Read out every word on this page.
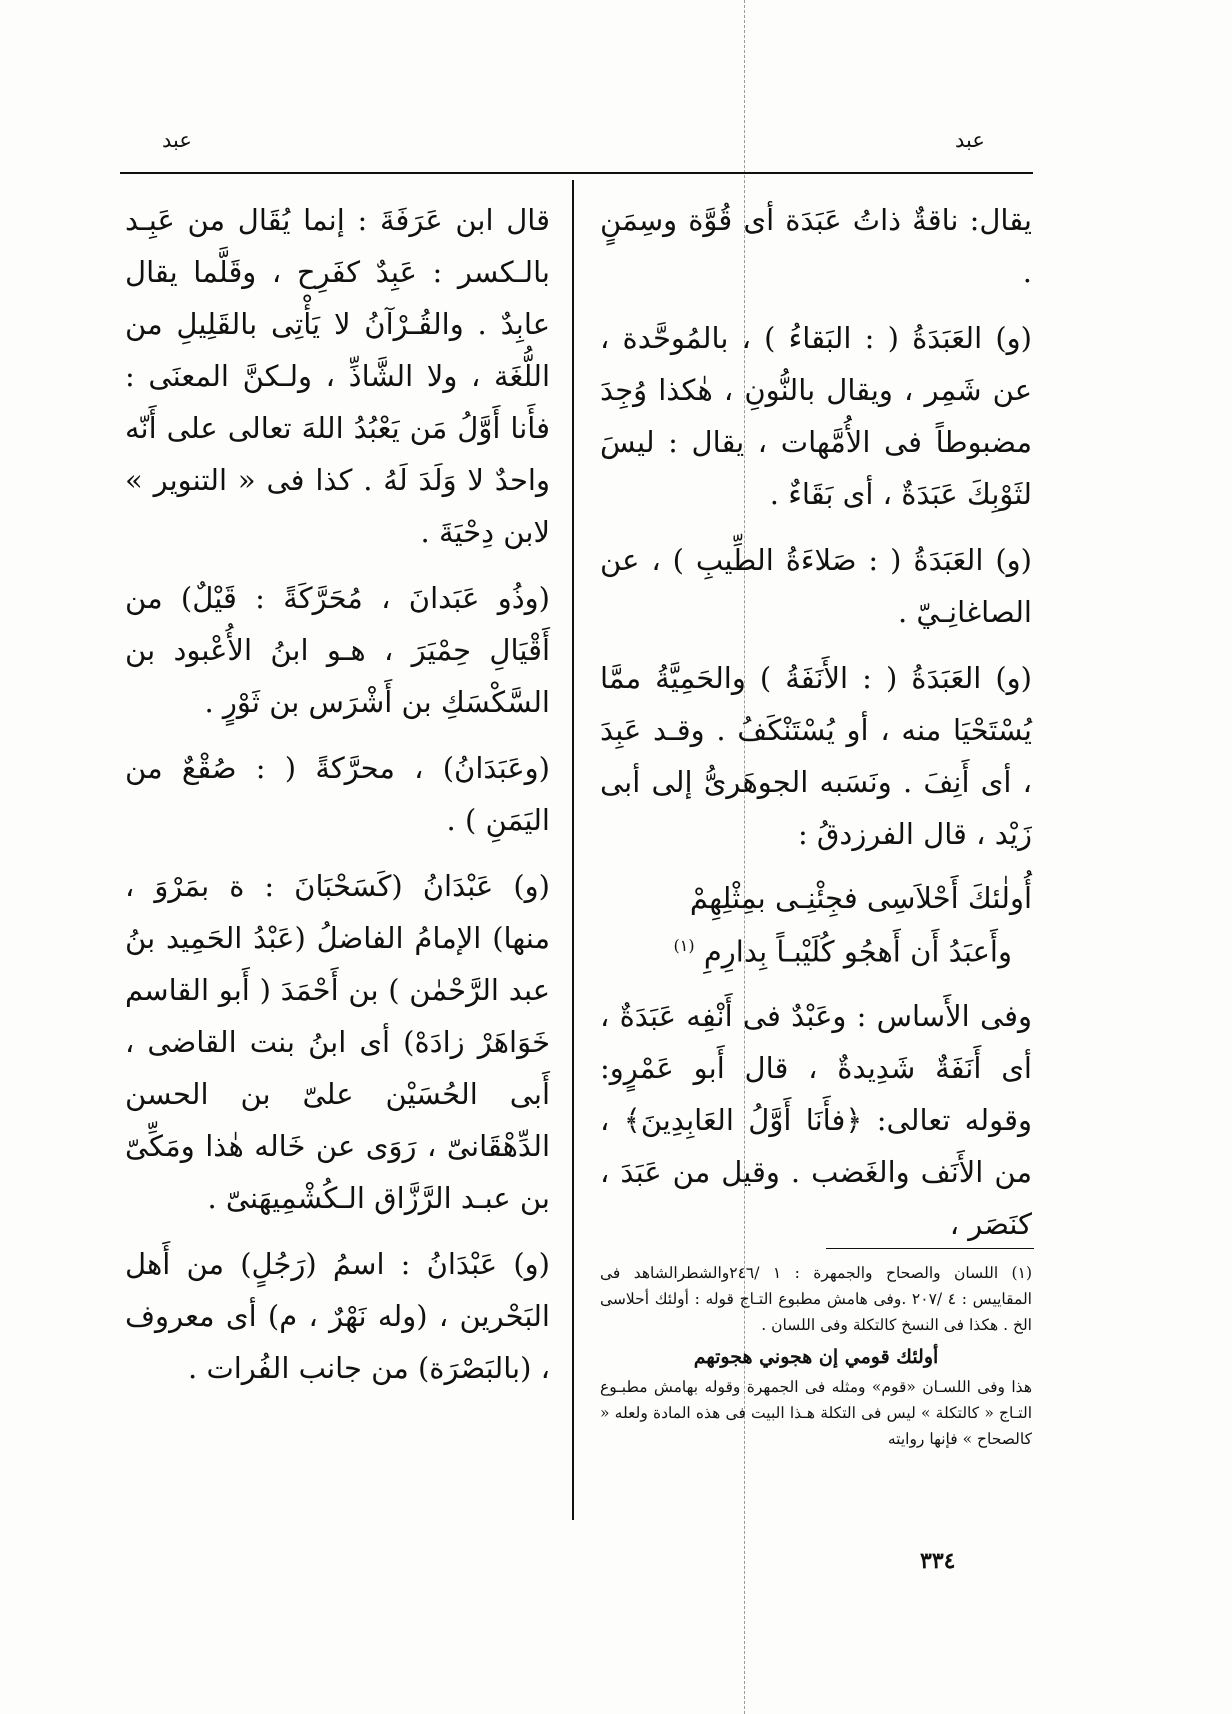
عبد
عبد

يقال: ناقةٌ ذاتُ عَبَدَة أى قُوَّة وسِمَنٍ .

(و) العَبَدَةُ ( : البَقاءُ ) ، بالمُوحَّدة ، عن شَمِر ، ويقال بالنُّونِ ، هٰكذا وُجِدَ مضبوطاً فى الأُمَّهات ، يقال : ليسَ لثَوْبِكَ عَبَدَةٌ ، أى بَقَاءٌ .

(و) العَبَدَةُ ( : صَلاءَةُ الطِّيبِ ) ، عن الصاغانِـيّ .

(و) العَبَدَةُ ( : الأَنَفَةُ ) والحَمِيَّةُ ممَّا يُسْتَحْيَا منه ، أو يُسْتَنْكَفُ . وقـد عَبِدَ ، أى أَنِفَ . ونَسَبه الجوهَرىُّ إلى أبى زَيْد ، قال الفرزدقُ :

أُولٰئكَ أَحْلاَسِى فجِئْنِـى بمِثْلِهِمْ
وأَعبَدُ أَن أَهجُو كُلَيْبـاً بِدارِمِ $^{(١)}$

وفى الأَساس : وعَبْدٌ فى أَنْفِه عَبَدَةٌ ، أى أَنَفَةٌ شَدِيدةٌ ، قال أَبو عَمْرٍو: وقوله تعالى: ﴿فأَنَا أَوَّلُ العَابِدِينَ﴾ ، من الأَنَف والغَضب . وقيل من عَبَدَ ، كنَصَر ،

قال ابن عَرَفَةَ : إنما يُقَال من عَبِـد بالـكسر : عَبِدٌ كفَرِح ، وقَلَّما يقال عابِدٌ . والقُـرْآنُ لا يَأْتِى بالقَلِيلِ من اللُّغَة ، ولا الشَّاذِّ ، ولـكنَّ المعنَى : فأَنا أَوَّلُ مَن يَعْبُدُ اللهَ تعالى على أَنّه واحدٌ لا وَلَدَ لَهُ . كذا فى « التنوير » لابن دِحْيَةَ .

(وذُو عَبَدانَ ، مُحَرَّكَةً : قَيْلٌ) من أَقْيَالِ حِمْيَرَ ، هـو ابنُ الأُعْبود بن السَّكْسَكِ بن أَشْرَس بن ثَوْرٍ .

(وعَبَدَانُ) ، محرَّكةً ( : صُقْعٌ من اليَمَنِ ) .

(و) عَبْدَانُ (كَسَحْبَانَ : ة بمَرْوَ ، منها) الإمامُ الفاضلُ (عَبْدُ الحَمِيد بنُ عبد الرَّحْمٰن ) بن أَحْمَدَ ( أَبو القاسم خَوَاهَرْ زادَهْ) أى ابنُ بنت القاضى ، أَبى الحُسَيْن علىّ بن الحسن الدِّهْقَانىّ ، رَوَى عن خَاله هٰذا ومَكِّىّ بن عبـد الرَّزَّاق الـكُشْمِيهَنىّ .

(و) عَبْدَانُ : اسمُ (رَجُلٍ) من أَهل البَحْرين ، (وله نَهْرٌ ، م) أى معروف ، (بالبَصْرَة) من جانب الفُرات .

(١) اللسان والصحاح والجمهرة : ١ /٢٤٦والشطرالشاهد فى المقاييس : ٤ /٢٠٧ .وفى هامش مطبوع التـاج قوله : أولئك أحلاسى الخ . هكذا فى النسخ كالتكلة وفى اللسان .

أولئك قومي إن هجوني هجوتهم

هذا وفى اللسـان «قوم» ومثله فى الجمهرة وقوله بهامش مطبـوع التـاج « كالتكلة » ليس فى التكلة هـذا البيت فى هذه المادة ولعله « كالصحاح » فإنها روايته

٣٣٤
